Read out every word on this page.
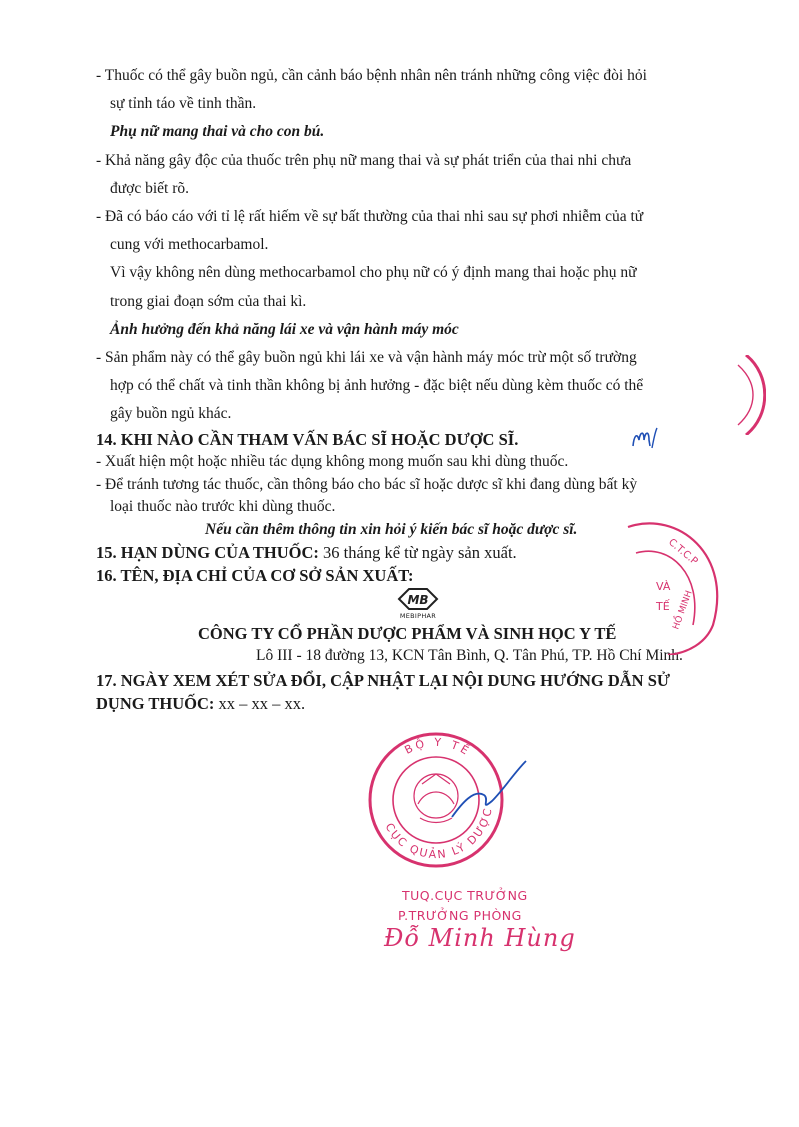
- Thuốc có thể gây buồn ngủ, cần cảnh báo bệnh nhân nên tránh những công việc đòi hỏi
sự tỉnh táo về tinh thần.
Phụ nữ mang thai và cho con bú.
- Khả năng gây độc của thuốc trên phụ nữ mang thai và sự phát triển của thai nhi chưa
được biết rõ.
- Đã có báo cáo với tỉ lệ rất hiếm về sự bất thường của thai nhi sau sự phơi nhiễm của tử
cung với methocarbamol.
Vì vậy không nên dùng methocarbamol cho phụ nữ có ý định mang thai hoặc phụ nữ
trong giai đoạn sớm của thai kì.
Ảnh hưởng đến khả năng lái xe và vận hành máy móc
- Sản phẩm này có thể gây buồn ngủ khi lái xe và vận hành máy móc trừ một số trường
hợp có thể chất và tinh thần không bị ảnh hưởng - đặc biệt nếu dùng kèm thuốc có thể
gây buồn ngủ khác.
14. KHI NÀO CẦN THAM VẤN BÁC SĨ HOẶC DƯỢC SĨ.
- Xuất hiện một hoặc nhiều tác dụng không mong muốn sau khi dùng thuốc.
- Để tránh tương tác thuốc, cần thông báo cho bác sĩ hoặc dược sĩ khi đang dùng bất kỳ
loại thuốc nào trước khi dùng thuốc.
Nếu cần thêm thông tin xin hỏi ý kiến bác sĩ hoặc dược sĩ.
15. HẠN DÙNG CỦA THUỐC: 36 tháng kể từ ngày sản xuất.
16. TÊN, ĐỊA CHỈ CỦA CƠ SỞ SẢN XUẤT:
MB
MEBIPHAR
CÔNG TY CỔ PHẦN DƯỢC PHẨM VÀ SINH HỌC Y TẾ
Lô III - 18 đường 13, KCN Tân Bình, Q. Tân Phú, TP. Hồ Chí Minh.
17. NGÀY XEM XÉT SỬA ĐỔI, CẬP NHẬT LẠI NỘI DUNG HƯỚNG DẪN SỬ
DỤNG THUỐC: xx – xx – xx.
C.T.C.P
VÀ
TẾ HỒ MINH
BỘ Y TẾ
CỤC QUẢN LÝ DƯỢC
TUQ.CỤC TRƯỞNG
P.TRƯỞNG PHÒNG
Đỗ Minh Hùng
